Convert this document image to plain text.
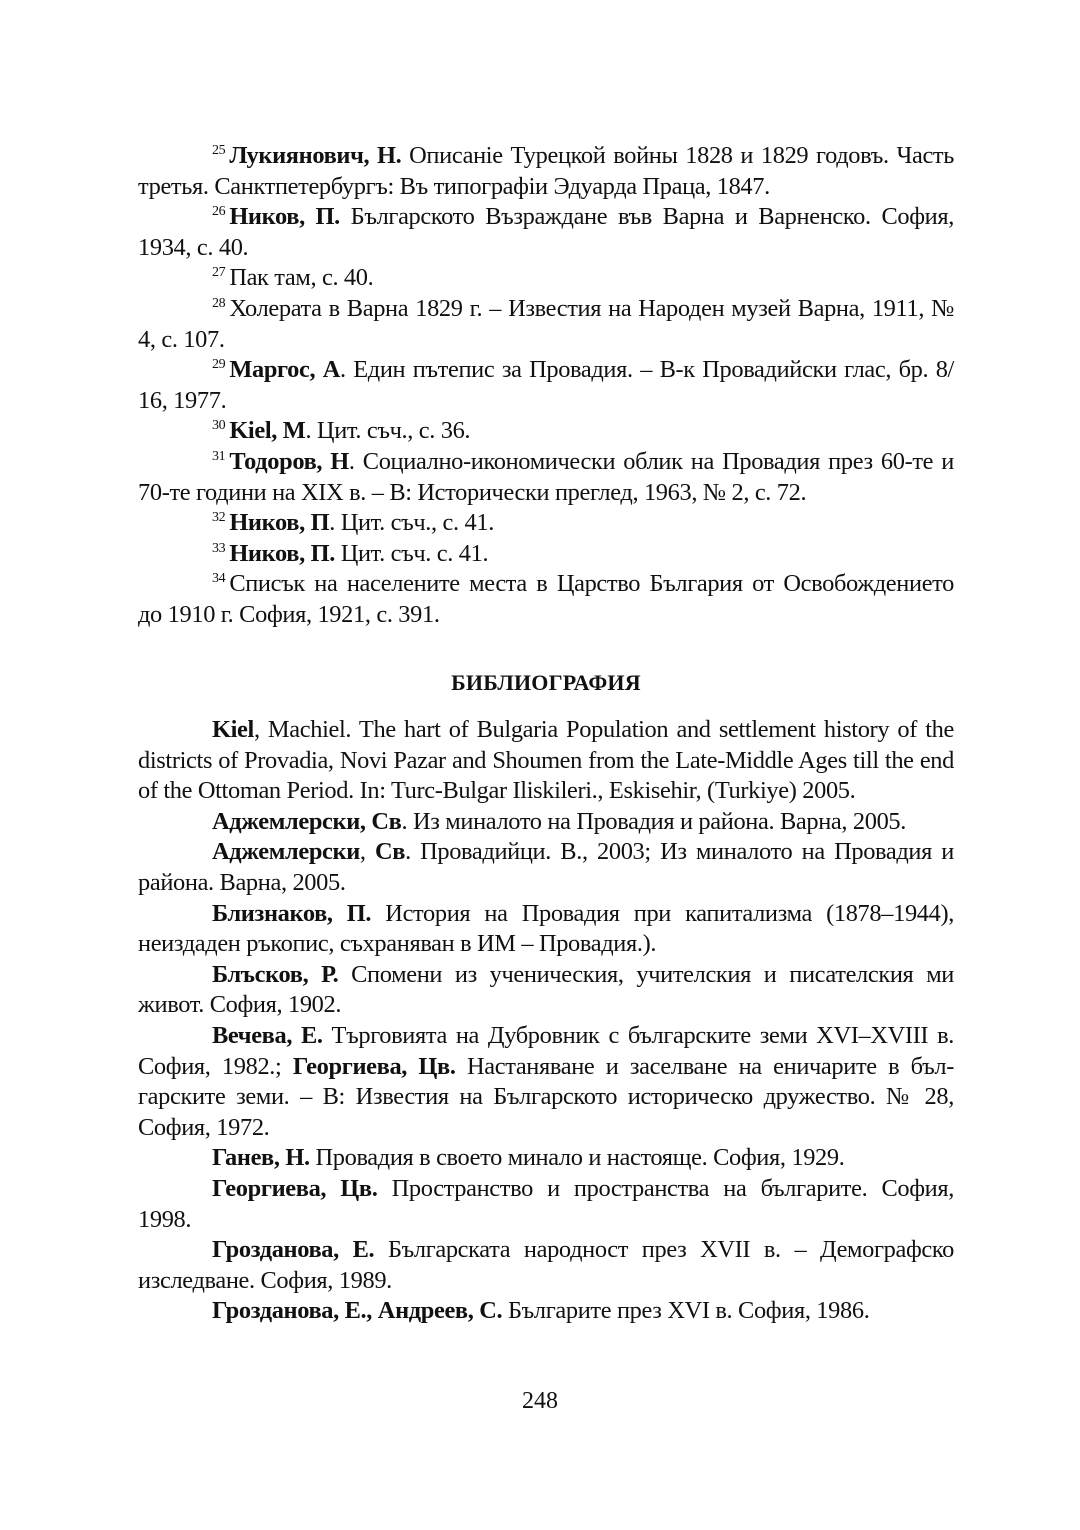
$^{25}$ Лукиянович, Н. Описаніе Турецкой войны 1828 и 1829 годовъ. Часть третья. Санктпетербургъ: Въ типографіи Эдуарда Праца, 1847.

$^{26}$ Ников, П. Българското Възраждане във Варна и Варненско. София, 1934, с. 40.

$^{27}$ Пак там, с. 40.

$^{28}$ Холерата в Варна 1829 г. – Известия на Народен музей Варна, 1911, № 4, с. 107.

$^{29}$ Маргос, А. Един пътепис за Провадия. – В-к Провадийски глас, бр. 8/ 16, 1977.

$^{30}$ Kiel, M. Цит. съч., с. 36.

$^{31}$ Тодоров, Н. Социално-икономически облик на Провадия през 60-те и 70-те години на ХІХ в. – В: Исторически преглед, 1963, № 2, с. 72.

$^{32}$ Ников, П. Цит. съч., с. 41.

$^{33}$ Ников, П. Цит. съч. с. 41.

$^{34}$ Списък на населените места в Царство България от Освобождението до 1910 г. София, 1921, с. 391.

БИБЛИОГРАФИЯ

Kiel, Machiel. The hart of Bulgaria Population and settlement history of the districts of Provadia, Novi Pazar and Shoumen from the Late-Middle Ages till the end of the Ottoman Period. In: Turc-Bulgar Iliskileri., Eskisehir, (Turkiye) 2005.

Аджемлерски, Св. Из миналото на Провадия и района. Варна, 2005.

Аджемлерски, Св. Провадийци. В., 2003; Из миналото на Провадия и района. Варна, 2005.

Близнаков, П. История на Провадия при капитализма (1878–1944), неиздаден ръкопис, съхраняван в ИМ – Провадия.).

Блъсков, Р. Спомени из ученическия, учителския и писателския ми живот. София, 1902.

Вечева, Е. Търговията на Дубровник с българските земи XVI–XVIII в. София, 1982.; Георгиева, Цв. Настаняване и заселване на еничарите в бъл-гарските земи. – В: Известия на Българското историческо дружество. № 28, София, 1972.

Ганев, Н. Провадия в своето минало и настояще. София, 1929.

Георгиева, Цв. Пространство и пространства на българите. София, 1998.

Грозданова, Е. Българската народност през XVII в. – Демографско изследване. София, 1989.

Грозданова, Е., Андреев, С. Българите през XVI в. София, 1986.

248
